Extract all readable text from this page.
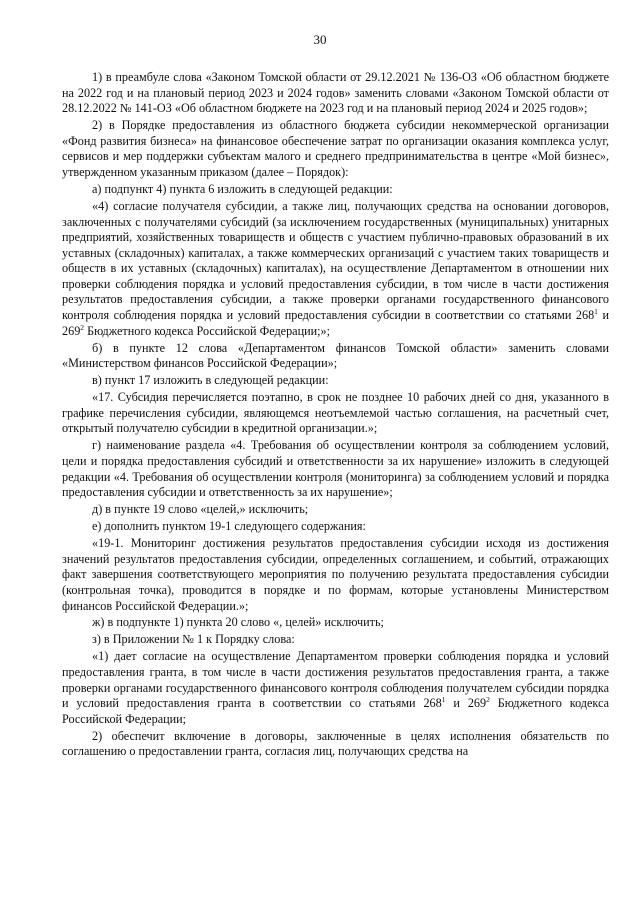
30

1) в преамбуле слова «Законом Томской области от 29.12.2021 № 136-ОЗ «Об областном бюджете на 2022 год и на плановый период 2023 и 2024 годов» заменить словами «Законом Томской области от 28.12.2022 № 141-ОЗ «Об областном бюджете на 2023 год и на плановый период 2024 и 2025 годов»;

2) в Порядке предоставления из областного бюджета субсидии некоммерческой организации «Фонд развития бизнеса» на финансовое обеспечение затрат по организации оказания комплекса услуг, сервисов и мер поддержки субъектам малого и среднего предпринимательства в центре «Мой бизнес», утвержденном указанным приказом (далее – Порядок):

а) подпункт 4) пункта 6 изложить в следующей редакции:

«4) согласие получателя субсидии, а также лиц, получающих средства на основании договоров, заключенных с получателями субсидий (за исключением государственных (муниципальных) унитарных предприятий, хозяйственных товариществ и обществ с участием публично-правовых образований в их уставных (складочных) капиталах, а также коммерческих организаций с участием таких товариществ и обществ в их уставных (складочных) капиталах), на осуществление Департаментом в отношении них проверки соблюдения порядка и условий предоставления субсидии, в том числе в части достижения результатов предоставления субсидии, а также проверки органами государственного финансового контроля соблюдения порядка и условий предоставления субсидии в соответствии со статьями $268^1$ и $269^2$ Бюджетного кодекса Российской Федерации;»;

б) в пункте 12 слова «Департаментом финансов Томской области» заменить словами «Министерством финансов Российской Федерации»;

в) пункт 17 изложить в следующей редакции:

«17. Субсидия перечисляется поэтапно, в срок не позднее 10 рабочих дней со дня, указанного в графике перечисления субсидии, являющемся неотъемлемой частью соглашения, на расчетный счет, открытый получателю субсидии в кредитной организации.»;

г) наименование раздела «4. Требования об осуществлении контроля за соблюдением условий, цели и порядка предоставления субсидий и ответственности за их нарушение» изложить в следующей редакции «4. Требования об осуществлении контроля (мониторинга) за соблюдением условий и порядка предоставления субсидии и ответственность за их нарушение»;

д) в пункте 19 слово «целей,» исключить;

е) дополнить пунктом 19-1 следующего содержания:

«19-1. Мониторинг достижения результатов предоставления субсидии исходя из достижения значений результатов предоставления субсидии, определенных соглашением, и событий, отражающих факт завершения соответствующего мероприятия по получению результата предоставления субсидии (контрольная точка), проводится в порядке и по формам, которые установлены Министерством финансов Российской Федерации.»;

ж) в подпункте 1) пункта 20 слово «, целей» исключить;

з) в Приложении № 1 к Порядку слова:

«1) дает согласие на осуществление Департаментом проверки соблюдения порядка и условий предоставления гранта, в том числе в части достижения результатов предоставления гранта, а также проверки органами государственного финансового контроля соблюдения получателем субсидии порядка и условий предоставления гранта в соответствии со статьями $268^1$ и $269^2$ Бюджетного кодекса Российской Федерации;

2) обеспечит включение в договоры, заключенные в целях исполнения обязательств по соглашению о предоставлении гранта, согласия лиц, получающих средства на
